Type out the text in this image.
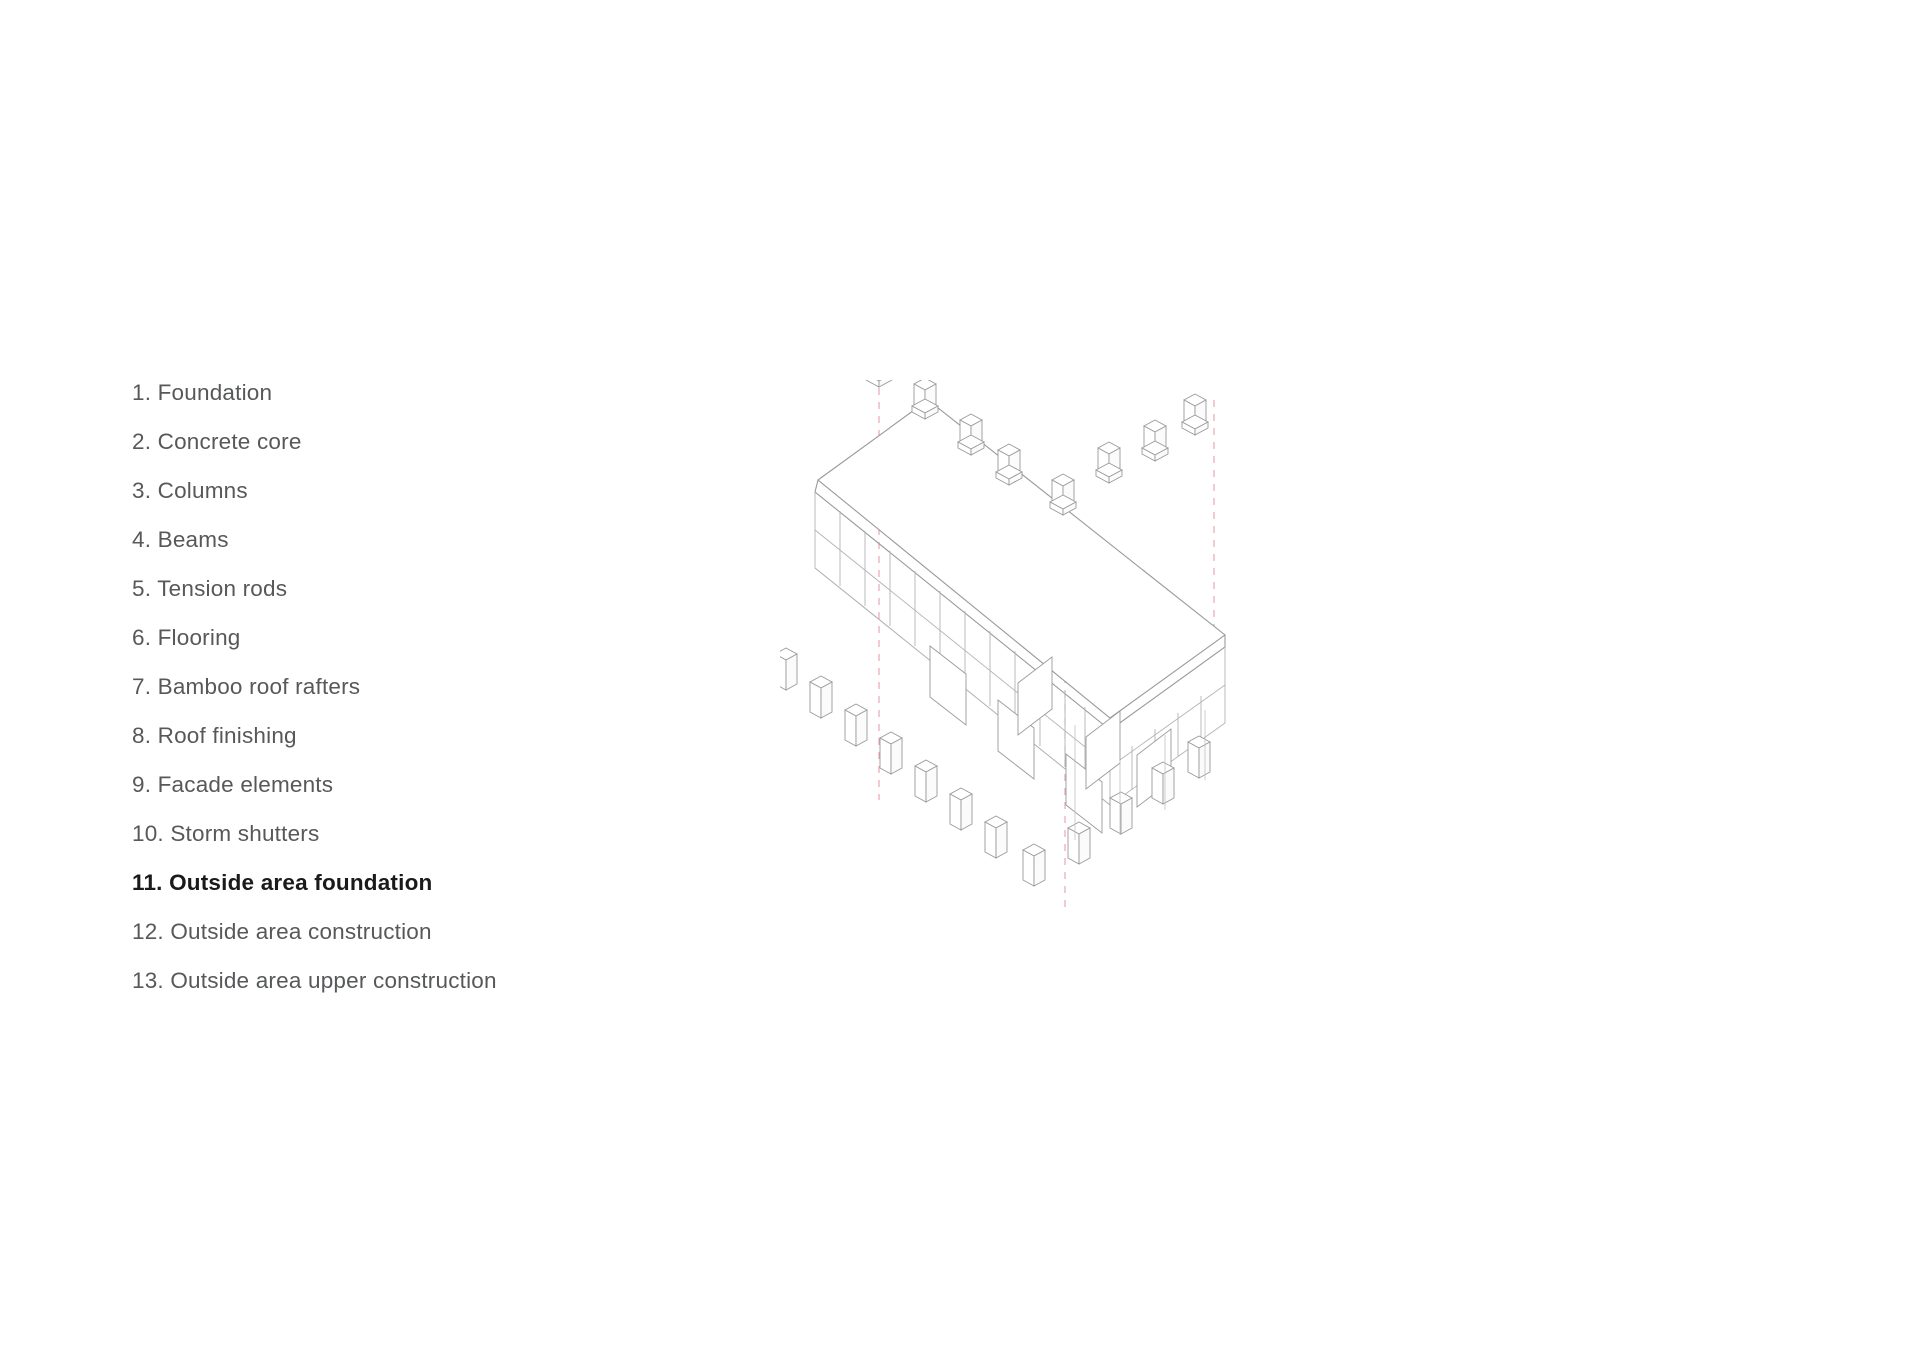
1. Foundation
2. Concrete core
3. Columns
4. Beams
5. Tension rods
6. Flooring
7. Bamboo roof rafters
8. Roof finishing
9. Facade elements
10. Storm shutters
11. Outside area foundation
12. Outside area construction
13. Outside area upper construction
